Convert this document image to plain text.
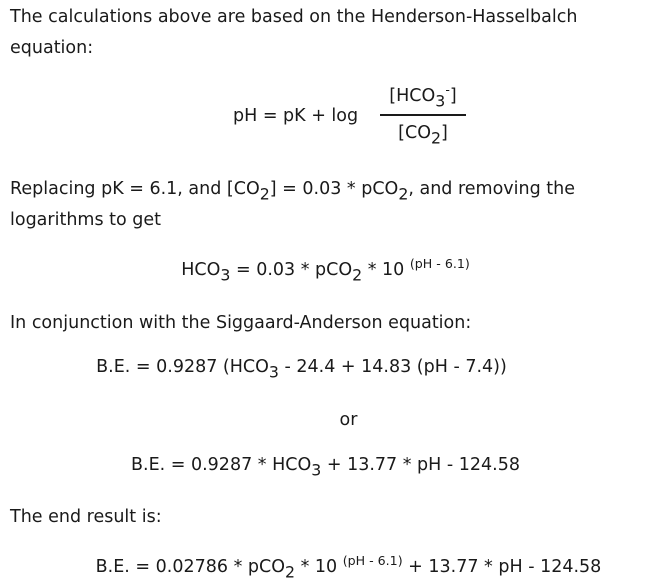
The calculations above are based on the Henderson-Hasselbalch equation:

pH = pK + log
$[HCO_3^-]$
$[CO_2]$

Replacing pK = 6.1, and $[CO_2] = 0.03 * pCO_2$, and removing the logarithms to get

$HCO_3 = 0.03 * pCO_2 * 10$ $^{(pH - 6.1)}$

In conjunction with the Siggaard-Anderson equation:

B.E. = 0.9287 ($HCO_3 - 24.4 + 14.83$ (pH - 7.4))
or
B.E. = $0.9287 * HCO_3 + 13.77$ * pH - 124.58

The end result is:

B.E. = 0.02786 * pCO$_2$ * 10 $^{(pH - 6.1)}$ + 13.77 * pH - 124.58
